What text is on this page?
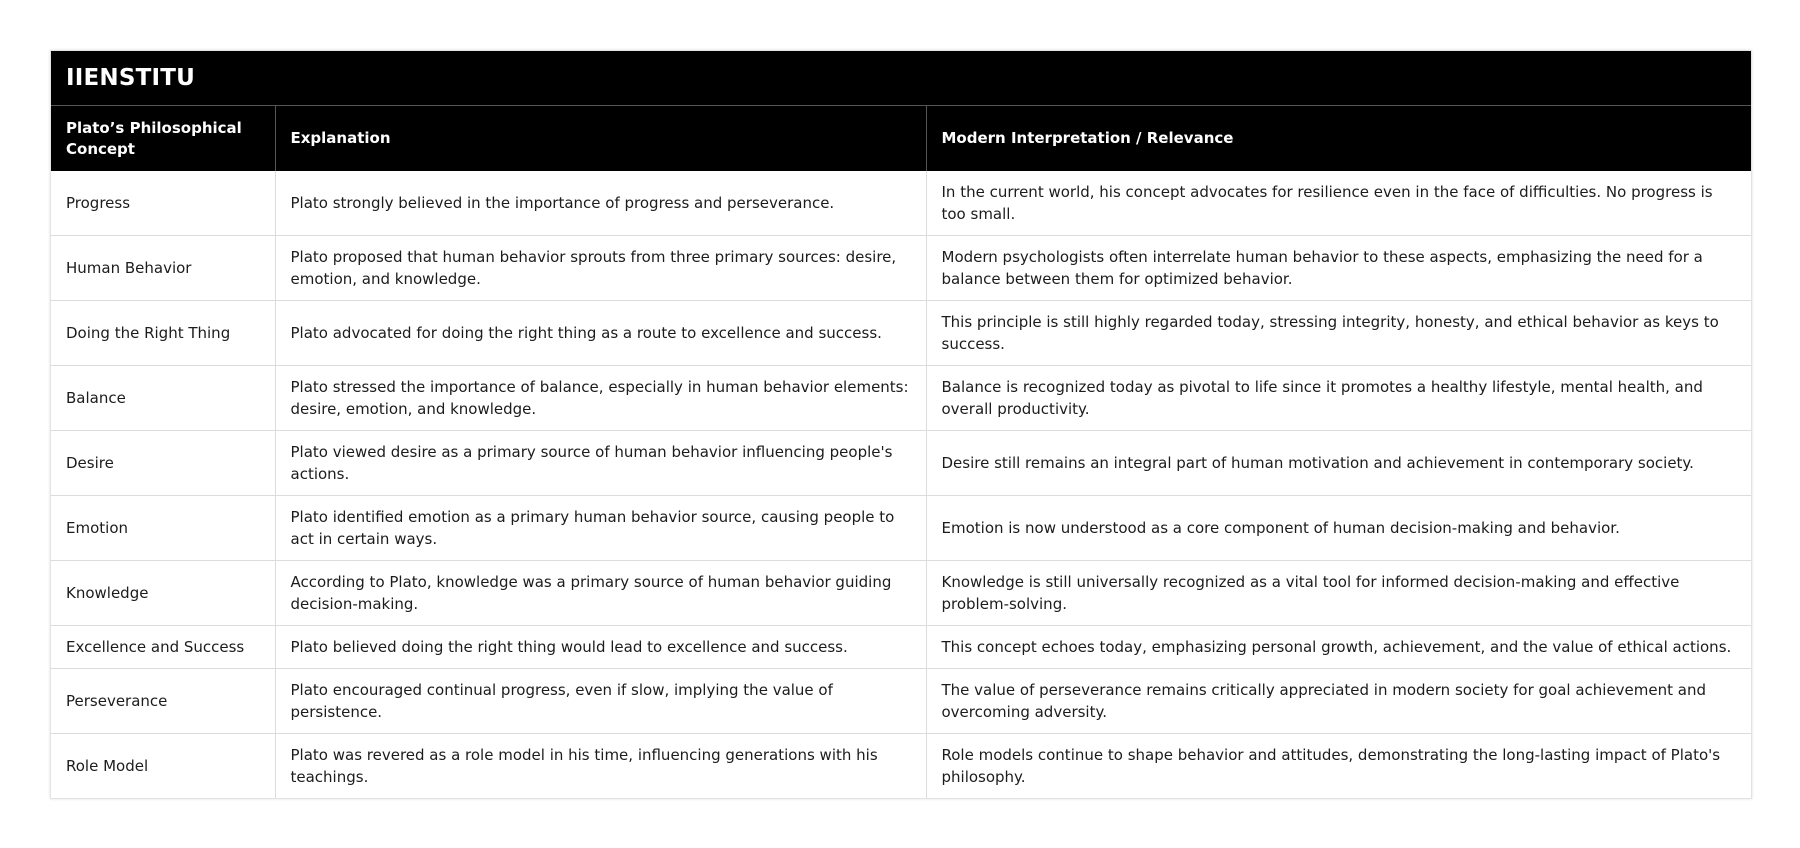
IIENSTITU
Plato’s Philosophical Concept	Explanation	Modern Interpretation / Relevance
Progress	Plato strongly believed in the importance of progress and perseverance.	In the current world, his concept advocates for resilience even in the face of difficulties. No progress is too small.
Human Behavior	Plato proposed that human behavior sprouts from three primary sources: desire, emotion, and knowledge.	Modern psychologists often interrelate human behavior to these aspects, emphasizing the need for a balance between them for optimized behavior.
Doing the Right Thing	Plato advocated for doing the right thing as a route to excellence and success.	This principle is still highly regarded today, stressing integrity, honesty, and ethical behavior as keys to success.
Balance	Plato stressed the importance of balance, especially in human behavior elements: desire, emotion, and knowledge.	Balance is recognized today as pivotal to life since it promotes a healthy lifestyle, mental health, and overall productivity.
Desire	Plato viewed desire as a primary source of human behavior influencing people's actions.	Desire still remains an integral part of human motivation and achievement in contemporary society.
Emotion	Plato identified emotion as a primary human behavior source, causing people to act in certain ways.	Emotion is now understood as a core component of human decision-making and behavior.
Knowledge	According to Plato, knowledge was a primary source of human behavior guiding decision-making.	Knowledge is still universally recognized as a vital tool for informed decision-making and effective problem-solving.
Excellence and Success	Plato believed doing the right thing would lead to excellence and success.	This concept echoes today, emphasizing personal growth, achievement, and the value of ethical actions.
Perseverance	Plato encouraged continual progress, even if slow, implying the value of persistence.	The value of perseverance remains critically appreciated in modern society for goal achievement and overcoming adversity.
Role Model	Plato was revered as a role model in his time, influencing generations with his teachings.	Role models continue to shape behavior and attitudes, demonstrating the long-lasting impact of Plato's philosophy.
